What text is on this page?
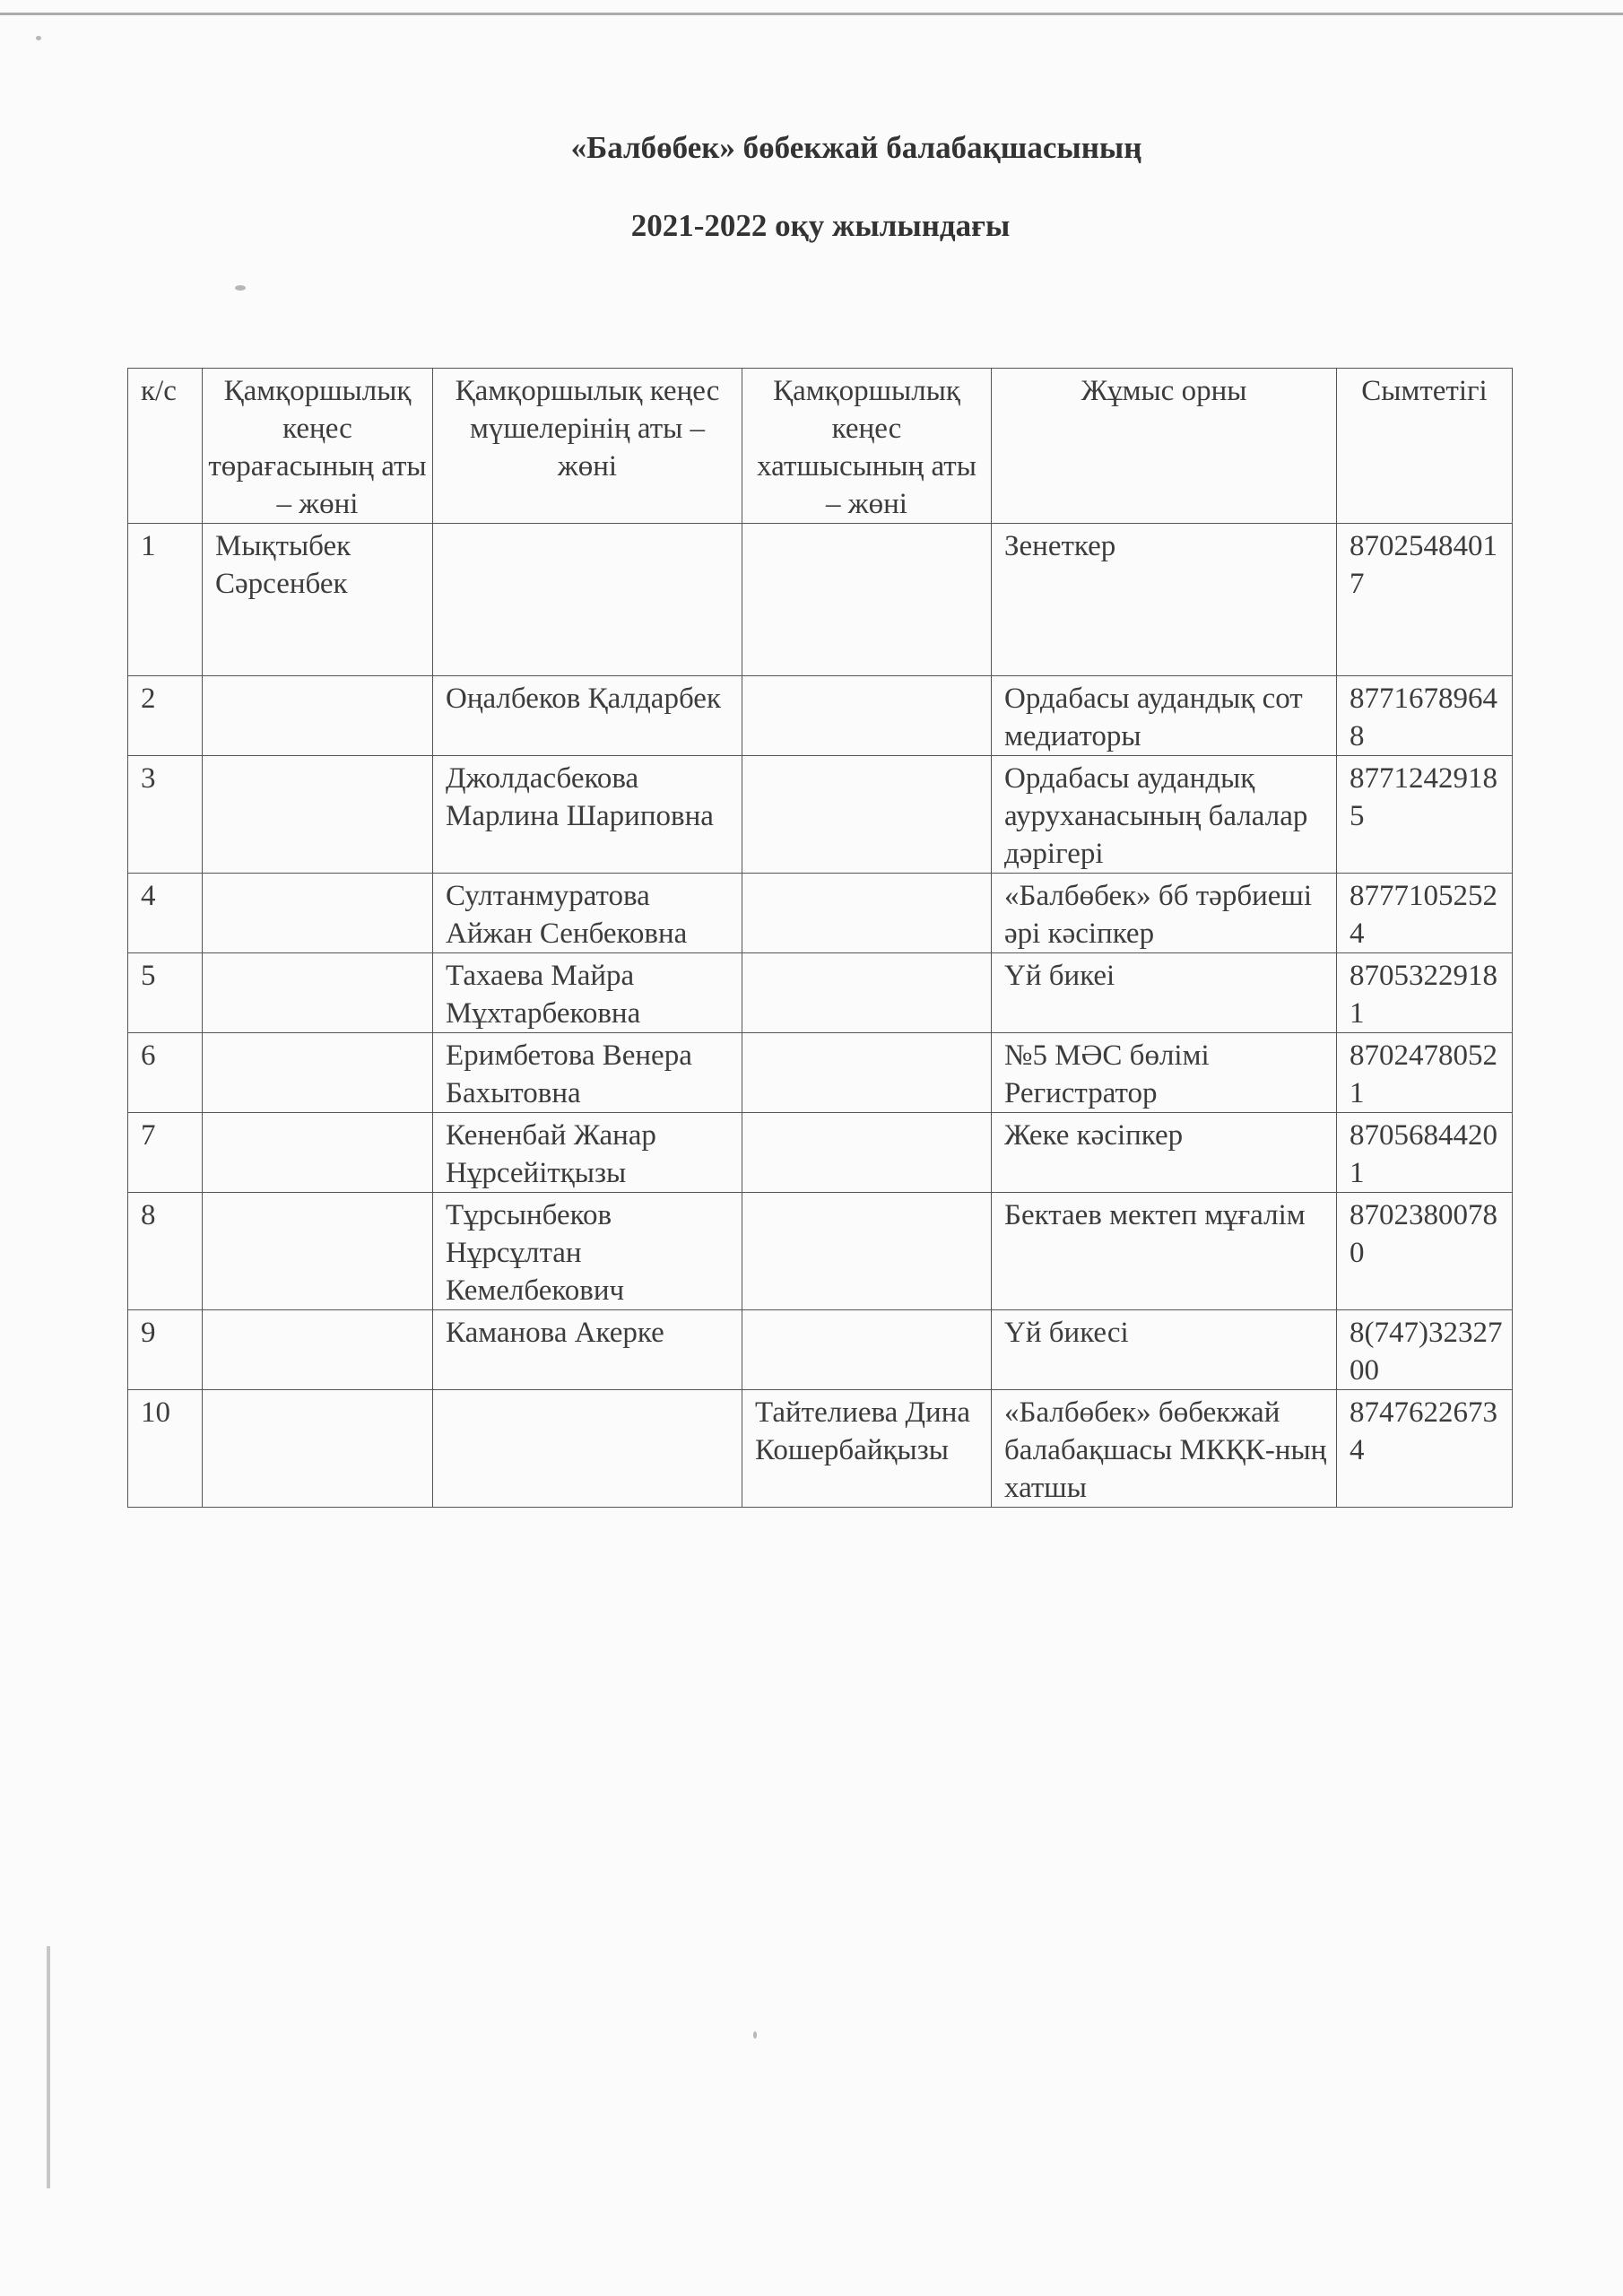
«Балбөбек» бөбекжай балабақшасының
2021-2022 оқу жылындағы
к/с	Қамқоршылық кеңес төрағасының аты – жөні	Қамқоршылық кеңес мүшелерінің аты – жөні	Қамқоршылық кеңес хатшысының аты – жөні	Жұмыс орны	Сымтетігі
1	Мықтыбек Сәрсенбек			Зенеткер	87025484017
2		Оңалбеков Қалдарбек		Ордабасы аудандық сот медиаторы	87716789648
3		Джолдасбекова Марлина Шариповна		Ордабасы аудандық ауруханасының балалар дәрігері	87712429185
4		Султанмуратова Айжан Сенбековна		«Балбөбек» бб тәрбиеші әрі кәсіпкер	87771052524
5		Тахаева Майра Мұхтарбековна		Үй бикеі	87053229181
6		Еримбетова Венера Бахытовна		№5 МӘС бөлімі Регистратор	87024780521
7		Кененбай Жанар Нұрсейітқызы		Жеке кәсіпкер	87056844201
8		Тұрсынбеков Нұрсұлтан Кемелбекович		Бектаев мектеп мұғалім	87023800780
9		Каманова Акерке		Үй бикесі	8(747)3232700
10			Тайтелиева Дина Кошербайқызы	«Балбөбек» бөбекжай балабақшасы МКҚК-ның хатшы	87476226734
